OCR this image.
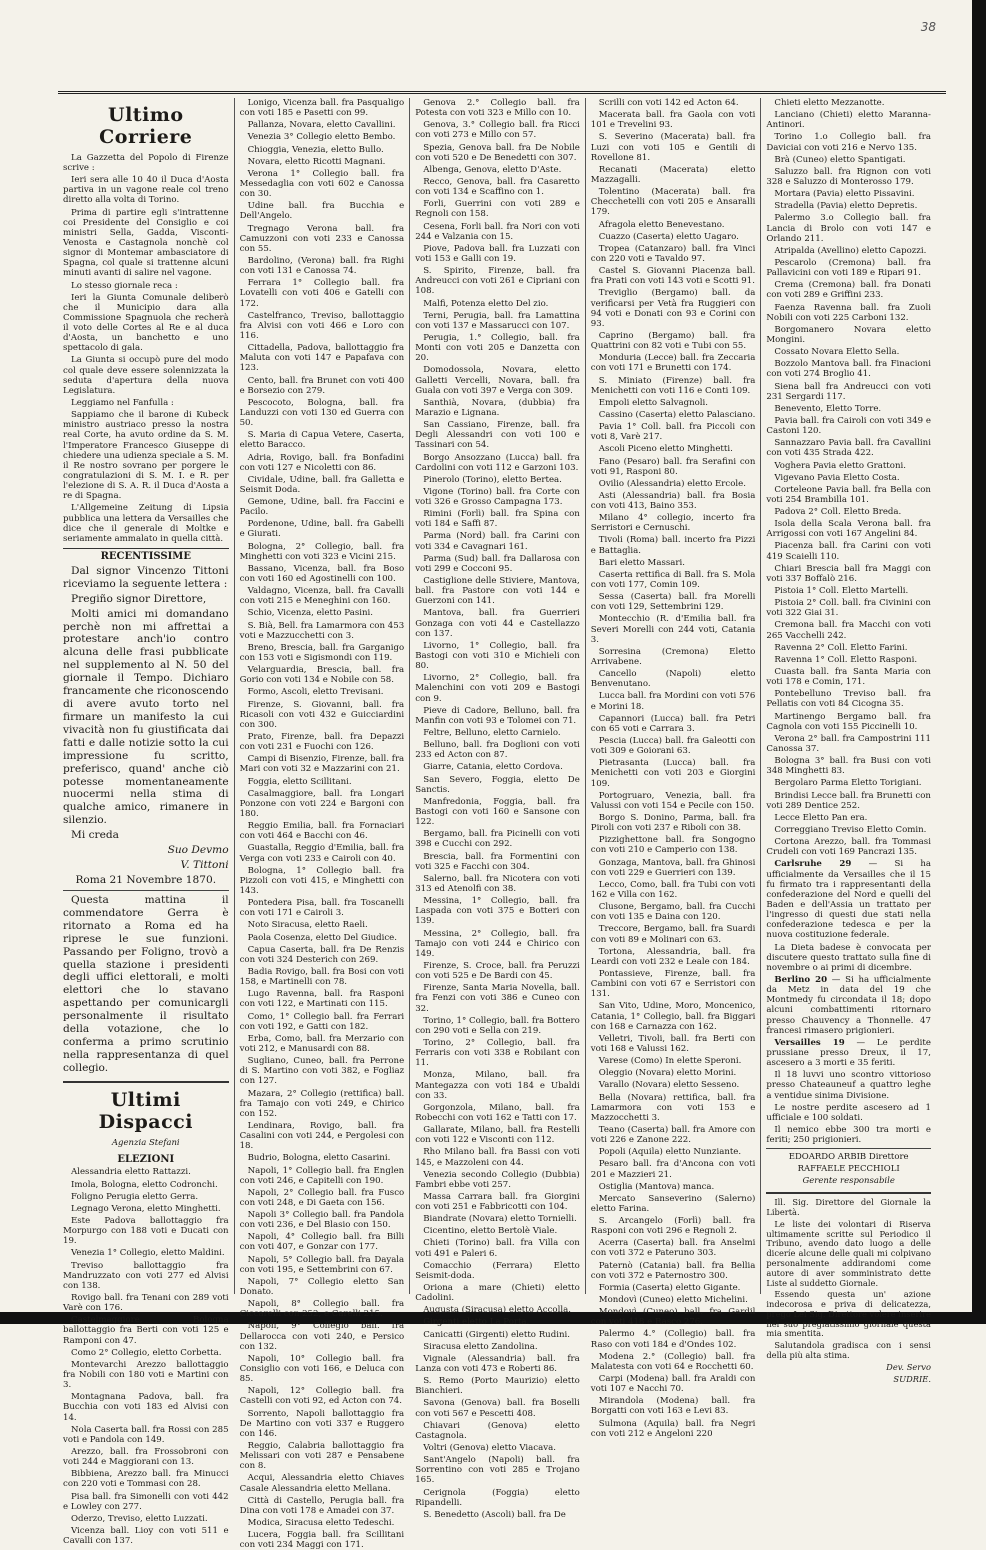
38
Ultimo Corriere

La Gazzetta del Popolo di Firenze scrive :

Ieri sera alle 10 40 il Duca d'Aosta partiva in un vagone reale col treno diretto alla volta di Torino.

Prima di partire egli s'intrattenne coi Presidente del Consiglio e coi ministri Sella, Gadda, Visconti-Venosta e Castagnola nonchè col signor di Montemar ambasciatore di Spagna, col quale si trattenne alcuni minuti avanti di salire nel vagone.

Lo stesso giornale reca :

Ieri la Giunta Comunale deliberò che il Municipio dara alla Commissione Spagnuola che recherà il voto delle Cortes al Re e al duca d'Aosta, un banchetto e uno spettacolo di gala.

La Giunta si occupò pure del modo col quale deve essere solennizzata la seduta d'apertura della nuova Legislatura.

Leggiamo nel Fanfulla :

Sappiamo che il barone di Kubeck ministro austriaco presso la nostra real Corte, ha avuto ordine da S. M. l'Imperatore Francesco Giuseppe di chiedere una udienza speciale a S. M. il Re nostro sovrano per porgere le congratulazioni di S. M. I. e R. per l'elezione di S. A. R. il Duca d'Aosta a re di Spagna.

L'Allgemeine Zeitung di Lipsia pubblica una lettera da Versailles che dice che il generale di Moltke e seriamente ammalato in quella città.

RECENTISSIME

Dal signor Vincenzo Tittoni riceviamo la seguente lettera :

Pregiño signor Direttore,

Molti amici mi domandano perchè non mi affrettai a protestare anch'io contro alcuna delle frasi pubblicate nel supplemento al N. 50 del giornale il Tempo. Dichiaro francamente che riconoscendo di avere avuto torto nel firmare un manifesto la cui vivacità non fu giustificata dai fatti e dalle notizie sotto la cui impressione fu scritto, preferisco, quand' anche ciò potesse momentaneamente nuocermi nella stima di qualche amico, rimanere in silenzio.

Mi creda

Suo Devmo

V. Tittoni

Roma 21 Novembre 1870.

Questa mattina il commendatore Gerra è ritornato a Roma ed ha riprese le sue funzioni. Passando per Foligno, trovò a quella stazione i presidenti degli uffici elettorali, e molti elettori che lo stavano aspettando per comunicargli personalmente il risultato della votazione, che lo conferma a primo scrutinio nella rappresentanza di quel collegio.

Ultimi Dispacci
Agenzia Stefani
ELEZIONI

Alessandria eletto Rattazzi.

Imola, Bologna, eletto Codronchi.

Foligno Perugia eletto Gerra.

Legnago Verona, eletto Minghetti.

Este Padova ballottaggio fra Morpurgo con 188 voti e Ducati con 19.

Venezia 1° Collegio, eletto Maldini.

Treviso ballottaggio fra Mandruzzato con voti 277 ed Alvisi con 138.

Rovigo ball. fra Tenani con 289 voti Varè con 176.

Castelmaggiore, Bologna ballottaggio fra Berti con voti 125 e Ramponi con 47.

Como 2° Collegio, eletto Corbetta.

Montevarchi Arezzo ballottaggio fra Nobili con 180 voti e Martini con 3.

Montagnana Padova, ball. fra Bucchia con voti 183 ed Alvisi con 14.

Nola Caserta ball. fra Rossi con 285 voti e Pandola con 149.

Arezzo, ball. fra Frossobroni con voti 244 e Maggiorani con 13.

Bibbiena, Arezzo ball. fra Minucci con 220 voti e Tommasi con 28.

Pisa ball. fra Simonelli con voti 442 e Lowley con 277.

Oderzo, Treviso, eletto Luzzati.

Vicenza ball. Lioy con voti 511 e Cavalli con 137.

Lonigo, Vicenza ball. fra Pasqualigo con voti 185 e Pasetti con 99.

Pallanza, Novara, eletto Cavallini.

Venezia 3° Collegio eletto Bembo.

Chioggia, Venezia, eletto Bullo.

Novara, eletto Ricotti Magnani.

Verona 1° Collegio ball. fra Messedaglia con voti 602 e Canossa con 30.

Udine ball. fra Bucchia e Dell'Angelo.

Tregnago Verona ball. fra Camuzzoni con voti 233 e Canossa con 55.

Bardolino, (Verona) ball. fra Righi con voti 131 e Canossa 74.

Ferrara 1° Collegio ball. fra Lovatelli con voti 406 e Gatelli con 172.

Castelfranco, Treviso, ballottaggio fra Alvisi con voti 466 e Loro con 116.

Cittadella, Padova, ballottaggio fra Maluta con voti 147 e Papafava con 123.

Cento, ball. fra Brunet con voti 400 e Borsezio con 279.

Pescocoto, Bologna, ball. fra Landuzzi con voti 130 ed Guerra con 50.

S. Maria di Capua Vetere, Caserta, eletto Baracco.

Adria, Rovigo, ball. fra Bonfadini con voti 127 e Nicoletti con 86.

Cividale, Udine, ball. fra Galletta e Seismit Doda.

Gemone, Udine, ball. fra Faccini e Pacilo.

Pordenone, Udine, ball. fra Gabelli e Giurati.

Bologna, 2° Collegio, ball. fra Minghetti con voti 323 e Vicini 215.

Bassano, Vicenza, ball. fra Boso con voti 160 ed Agostinelli con 100.

Valdagno, Vicenza, ball. fra Cavalli con voti 215 e Meneghini con 160.

Schio, Vicenza, eletto Pasini.

S. Bià, Bell. fra Lamarmora con 453 voti e Mazzucchetti con 3.

Breno, Brescia, ball. fra Garganigo con 153 voti e Sigismondi con 119.

Velarguardia, Brescia, ball. fra Gorio con voti 134 e Nobile con 58.

Formo, Ascoli, eletto Trevisani.

Firenze, S. Giovanni, ball. fra Ricasoli con voti 432 e Guicciardini con 300.

Prato, Firenze, ball. fra Depazzi con voti 231 e Fuochi con 126.

Campi di Bisenzio, Firenze, ball. fra Mari con voti 32 e Mazzarini con 21.

Foggia, eletto Scillitani.

Casalmaggiore, ball. fra Longari Ponzone con voti 224 e Bargoni con 180.

Reggio Emilia, ball. fra Fornaciari con voti 464 e Bacchi con 46.

Guastalla, Reggio d'Emilia, ball. fra Verga con voti 233 e Cairoli con 40.

Bologna, 1° Collegio ball. fra Pizzoli con voti 415, e Minghetti con 143.

Pontedera Pisa, ball. fra Toscanelli con voti 171 e Cairoli 3.

Noto Siracusa, eletto Raeli.

Paola Cosenza, eletto Del Giudice.

Capua Caserta, ball. fra De Renzis con voti 324 Desterich con 269.

Badia Rovigo, ball. fra Bosi con voti 158, e Martinelli con 78.

Lugo Ravenna, ball. fra Rasponi con voti 122, e Martinati con 115.

Como, 1° Collegio ball. fra Ferrari con voti 192, e Gatti con 182.

Erba, Como, ball. fra Merzario con voti 212, e Manusardi con 88.

Sugliano, Cuneo, ball. fra Perrone di S. Martino con voti 382, e Fogliaz con 127.

Mazara, 2° Collegio (rettifica) ball. fra Tamajo con voti 249, e Chirico con 152.

Lendinara, Rovigo, ball. fra Casalini con voti 244, e Pergolesi con 18.

Budrio, Bologna, eletto Casarini.

Napoli, 1° Collegio ball. fra Englen con voti 246, e Capitelli con 190.

Napoli, 2° Collegio ball. fra Fusco con voti 248, e Di Gaeta con 156.

Napoli 3° Collegio ball. fra Pandola con voti 236, e Del Blasio con 150.

Napoli, 4° Collegio ball. fra Billi con voti 407, e Gonzar con 177.

Napoli, 5° Collegio ball. fra Dayala con voti 195, e Settembrini con 67.

Napoli, 7° Collegio eletto San Donato.

Napoli, 8° Collegio ball. fra Ciccarelli con 252, e Carelli 215.

Napoli, 9° Collegio ball. fra Dellarocca con voti 240, e Persico con 132.

Napoli, 10° Collegio ball. fra Consiglio con voti 166, e Deluca con 85.

Napoli, 12° Collegio ball. fra Castelli con voti 92, ed Acton con 74.

Sorrento, Napoli ballottaggio fra De Martino con voti 337 e Ruggero con 146.

Reggio, Calabria ballottaggio fra Melissari con voti 287 e Pensabene con 8.

Acqui, Alessandria eletto Chiaves Casale Alessandria eletto Mellana.

Città di Castello, Perugia ball. fra Dina con voti 178 e Amadei con 37.

Modica, Siracusa eletto Tedeschi.

Lucera, Foggia ball. fra Scillitani con voti 234 Maggi con 171.

Genova 2.° Collegio ball. fra Potesta con voti 323 e Millo con 10.

Genova, 3.° Collegio ball. fra Ricci con voti 273 e Millo con 57.

Spezia, Genova ball. fra De Nobile con voti 520 e De Benedetti con 307.

Albenga, Genova, eletto D'Aste.

Recco, Genova, ball. fra Casaretto con voti 134 e Scaffino con 1.

Forli, Guerrini con voti 289 e Regnoli con 158.

Cesena, Forli ball. fra Nori con voti 244 e Valzania con 15.

Piove, Padova ball. fra Luzzati con voti 153 e Galli con 19.

S. Spirito, Firenze, ball. fra Andreucci con voti 261 e Cipriani con 108.

Malfi, Potenza eletto Del zio.

Terni, Perugia, ball. fra Lamattina con voti 137 e Massarucci con 107.

Perugia, 1.° Collegio, ball. fra Monti con voti 205 e Danzetta con 20.

Domodossola, Novara, eletto Galletti Vercelli, Novara, ball. fra Guala con voti 397 e Verga con 309.

Santhià, Novara, (dubbia) fra Marazio e Lignana.

San Cassiano, Firenze, ball. fra Degli Alessandri con voti 100 e Tassinari con 54.

Borgo Ansozzano (Lucca) ball. fra Cardolini con voti 112 e Garzoni 103.

Pinerolo (Torino), eletto Bertea.

Vigone (Torino) ball. fra Corte con voti 326 e Grosso Campagna 173.

Rimini (Forlì) ball. fra Spina con voti 184 e Saffi 87.

Parma (Nord) ball. fra Carini con voti 334 e Cavagnari 161.

Parma (Sud) ball. fra Dallarosa con voti 299 e Cocconi 95.

Castiglione delle Stiviere, Mantova, ball. fra Pastore con voti 144 e Guerzoni con 141.

Mantova, ball. fra Guerrieri Gonzaga con voti 44 e Castellazzo con 137.

Livorno, 1° Collegio, ball. fra Bastogi con voti 310 e Michieli con 80.

Livorno, 2° Collegio, ball. fra Malenchini con voti 209 e Bastogi con 9.

Pieve di Cadore, Belluno, ball. fra Manfin con voti 93 e Tolomei con 71.

Feltre, Belluno, eletto Carnielo.

Belluno, ball. fra Doglioni con voti 233 ed Acton con 87.

Giarre, Catania, eletto Cordova.

San Severo, Foggia, eletto De Sanctis.

Manfredonia, Foggia, ball. fra Bastogi con voti 160 e Sansone con 122.

Bergamo, ball. fra Picinelli con voti 398 e Cucchi con 292.

Brescia, ball. fra Formentini con voti 325 e Facchi con 304.

Salerno, ball. fra Nicotera con voti 313 ed Atenolfi con 38.

Messina, 1° Collegio, ball. fra Laspada con voti 375 e Botteri con 139.

Messina, 2° Collegio, ball. fra Tamajo con voti 244 e Chirico con 149.

Firenze, S. Croce, ball. fra Peruzzi con voti 525 e De Bardi con 45.

Firenze, Santa Maria Novella, ball. fra Fenzi con voti 386 e Cuneo con 32.

Torino, 1° Collegio, ball. fra Bottero con 290 voti e Sella con 219.

Torino, 2° Collegio, ball. fra Ferraris con voti 338 e Robilant con 11.

Monza, Milano, ball. fra Mantegazza con voti 184 e Ubaldi con 33.

Gorgonzola, Milano, ball. fra Robecchi con voti 162 e Tatti con 17.

Gallarate, Milano, ball. fra Restelli con voti 122 e Visconti con 112.

Rho Milano ball. fra Bassi con voti 145, e Mazzoleni con 44.

Venezia secondo Collegio (Dubbia) Fambri ebbe voti 257.

Massa Carrara ball. fra Giorgini con voti 251 e Fabbricotti con 104.

Biandrate (Novara) eletto Tornielli.

Cicentino, eletto Bertolè Viale.

Chieti (Torino) ball. fra Villa con voti 491 e Paleri 6.

Comacchio (Ferrara) Eletto Seismit-doda.

Oriona a mare (Chieti) eletto Cadolini.

Augusta (Siracusa) eletto Accolla.

Girgenti eletto La Porta.

Canicatti (Girgenti) eletto Rudini.

Siracusa eletto Zandolina.

Vignale (Alessandria) ball. fra Lanza con voti 473 e Roberti 86.

S. Remo (Porto Maurizio) eletto Bianchieri.

Savona (Genova) ball. fra Boselli con voti 567 e Pescetti 408.

Chiavari (Genova) eletto Castagnola.

Voltri (Genova) eletto Viacava.

Sant'Angelo (Napoli) ball. fra Sorrentino con voti 285 e Trojano 165.

Cerignola (Foggia) eletto Ripandelli.

S. Benedetto (Ascoli) ball. fra De

Scrilli con voti 142 ed Acton 64.

Macerata ball. fra Gaola con voti 101 e Trevelini 93.

S. Severino (Macerata) ball. fra Luzi con voti 105 e Gentili di Rovellone 81.

Recanati (Macerata) eletto Mazzagalli.

Tolentino (Macerata) ball. fra Checchetelli con voti 205 e Ansaralli 179.

Afragola eletto Benevestano.

Cuazzo (Caserta) eletto Uagaro.

Tropea (Catanzaro) ball. fra Vinci con 220 voti e Tavaldo 97.

Castel S. Giovanni Piacenza ball. fra Prati con voti 143 voti e Scotti 91.

Treviglio (Bergamo) ball. da verificarsi per Vetà fra Ruggieri con 94 voti e Donati con 93 e Corini con 93.

Caprino (Bergamo) ball. fra Quattrini con 82 voti e Tubi con 55.

Monduria (Lecce) ball. fra Zeccaria con voti 171 e Brunetti con 174.

S. Miniato (Firenze) ball. fra Menichetti con voti 116 e Conti 109.

Empoli eletto Salvagnoli.

Cassino (Caserta) eletto Palasciano.

Pavia 1° Coll. ball. fra Piccoli con voti 8, Varè 217.

Ascoli Piceno eletto Minghetti.

Fano (Pesaro) ball. fra Serafini con voti 91, Rasponi 80.

Ovilio (Alessandria) eletto Ercole.

Asti (Alessandria) ball. fra Bosia con voti 413, Baino 353.

Milano 4° collegio, incerto fra Serristori e Cernuschi.

Tivoli (Roma) ball. incerto fra Pizzi e Battaglia.

Bari eletto Massari.

Caserta rettifica di Ball. fra S. Mola con voti 177, Comin 109.

Sessa (Caserta) ball. fra Morelli con voti 129, Settembrini 129.

Montecchio (R. d'Emilia ball. fra Severi Morelli con 244 voti, Catania 3.

Sorresina (Cremona) Eletto Arrivabene.

Cancello (Napoli) eletto Benvenutano.

Lucca ball. fra Mordini con voti 576 e Morini 18.

Capannori (Lucca) ball. fra Petri con 65 voti e Carrara 3.

Pescia (Lucca) ball. fra Galeotti con voti 309 e Goiorani 63.

Pietrasanta (Lucca) ball. fra Menichetti con voti 203 e Giorgini 109.

Portogruaro, Venezia, ball. fra Valussi con voti 154 e Pecile con 150.

Borgo S. Donino, Parma, ball. fra Piroli con voti 237 e Riboli con 38.

Pizzighettone ball. fra Songogno con voti 210 e Camperio con 138.

Gonzaga, Mantova, ball. fra Ghinosi con voti 229 e Guerrieri con 139.

Lecco, Como, ball. fra Tubi con voti 162 e Villa con 162.

Clusone, Bergamo, ball. fra Cucchi con voti 135 e Daina con 120.

Treccore, Bergamo, ball. fra Suardi con voti 89 e Molinari con 63.

Tortona, Alessandria, ball. fra Leardi con voti 232 e Leale con 184.

Pontassieve, Firenze, ball. fra Cambini con voti 67 e Serristori con 131.

San Vito, Udine, Moro, Moncenico, Catania, 1° Collegio, ball. fra Biggari con 168 e Carnazza con 162.

Velletri, Tivoli, ball. fra Berti con voti 168 e Valussi 162.

Varese (Como) In elette Speroni.

Oleggio (Novara) eletto Morini.

Varallo (Novara) eletto Sesseno.

Bella (Novara) rettifica, ball. fra Lamarmora con voti 153 e Mazzocchetti 3.

Teano (Caserta) ball. fra Amore con voti 226 e Zanone 222.

Popoli (Aquila) eletto Nunziante.

Pesaro ball. fra d'Ancona con voti 201 e Mazzieri 21.

Ostiglia (Mantova) manca.

Mercato Sanseverino (Salerno) eletto Farina.

S. Arcangelo (Forlì) ball. fra Rasponi con voti 296 e Regnoli 2.

Acerra (Caserta) ball. fra Anselmi con voti 372 e Pateruno 303.

Paternò (Catania) ball. fra Bellia con voti 372 e Paternostro 300.

Formia (Caserta) eletto Gigante.

Mondovì (Cuneo) eletto Michelini.

Mondovì (Cuneo) ball. fra Gardil con voti 418 e Rasco 276.

Palermo 4.° (Collegio) ball. fra Raso con voti 184 e d'Ondes 102.

Modena 2.° (Collegio) ball. fra Malatesta con voti 64 e Rocchetti 60.

Carpi (Modena) ball. fra Araldi con voti 107 e Nacchi 70.

Mirandola (Modena) ball. fra Borgatti con voti 163 e Levi 83.

Sulmona (Aquila) ball. fra Negri con voti 212 e Angeloni 220

Chieti eletto Mezzanotte.

Lanciano (Chieti) eletto Maranna-Antinori.

Torino 1.o Collegio ball. fra Daviciai con voti 216 e Nervo 135.

Brà (Cuneo) eletto Spantigati.

Saluzzo ball. fra Rignon con voti 328 e Saluzzo di Monterosso 179.

Mortara (Pavia) eletto Pissavini.

Stradella (Pavia) eletto Depretis.

Palermo 3.o Collegio ball. fra Lancia di Brolo con voti 147 e Orlando 211.

Atripalda (Avellino) eletto Capozzi.

Pescarolo (Cremona) ball. fra Pallavicini con voti 189 e Ripari 91.

Crema (Cremona) ball. fra Donati con voti 289 e Griffini 233.

Faenza Ravenna ball. fra Zuoli Nobili con voti 225 Carboni 132.

Borgomanero Novara eletto Mongini.

Cossato Novara Eletto Sella.

Bozzolo Mantova ball. fra Finacioni con voti 274 Broglio 41.

Siena ball fra Andreucci con voti 231 Sergardi 117.

Benevento, Eletto Torre.

Pavia ball. fra Cairoli con voti 349 e Castoni 120.

Sannazzaro Pavia ball. fra Cavallini con voti 435 Strada 422.

Voghera Pavia eletto Grattoni.

Vigevano Pavia Eletto Costa.

Corteleone Pavia ball. fra Bella con voti 254 Brambilla 101.

Padova 2° Coll. Eletto Breda.

Isola della Scala Verona ball. fra Arrigossi con voti 167 Angelini 84.

Piacenza ball. fra Carini con voti 419 Scaielli 110.

Chiari Brescia ball fra Maggi con voti 337 Boffalò 216.

Pistoia 1° Coll. Eletto Martelli.

Pistoia 2° Coll. ball. fra Civinini con voti 322 Giai 31.

Cremona ball. fra Macchi con voti 265 Vacchelli 242.

Ravenna 2° Coll. Eletto Farini.

Ravenna 1° Coll. Eletto Rasponi.

Cuasta ball. fra Santa Maria con voti 178 e Comin, 171.

Pontebelluno Treviso ball. fra Pellatis con voti 84 Cicogna 35.

Martinengo Bergamo ball. fra Cagnola con voti 155 Piccinelli 10.

Verona 2° ball. fra Campostrini 111 Canossa 37.

Bologna 3° ball. fra Busi con voti 348 Minghetti 83.

Bergolaro Parma Eletto Torigiani.

Brindisi Lecce ball. fra Brunetti con voti 289 Dentice 252.

Lecce Eletto Pan era.

Correggiano Treviso Eletto Comin.

Cortona Arezzo, ball. fra Tommasi Crudeli con voti 169 Pancrazi 135.

Carlsruhe 29 — Si ha ufficialmente da Versailles che il 15 fu firmato tra i rappresentanti della confederazione del Nord e quelli del Baden e dell'Assia un trattato per l'ingresso di questi due stati nella confederazione tedesca e per la nuova costituzione federale.

La Dieta badese è convocata per discutere questo trattato sulla fine di novembre o ai primi di dicembre.

Berlino 20 — Si ha ufficialmente da Metz in data del 19 che Montmedy fu circondata il 18; dopo alcuni combattimenti ritornaro presso Chauvency a Thonnelle. 47 francesi rimasero prigionieri.

Versailles 19 — Le perdite prussiane presso Dreux, il 17, ascesero a 3 morti e 35 feriti.

Il 18 luvvi uno scontro vittorioso presso Chateauneuf a quattro leghe a ventidue sinima Divisione.

Le nostre perdite ascesero ad 1 ufficiale e 100 soldati.

Il nemico ebbe 300 tra morti e feriti; 250 prigionieri.

EDOARDO ARBIB Direttore

RAFFAELE PECCHIOLI

Gerente responsabile

Ill. Sig. Direttore del Giornale la Libertà.

Le liste dei volontari di Riserva ultimamente scritte sul Periodico il Tribuno, avendo dato luogo a delle diceríe alcune delle quali mi colpivano personalmente addirandomi come autore di aver somministrato dette Liste al suddetto Giornale.

Essendo questa un' azione indecorosa e priva di delicatezza, prego Lei Sig. Direttore volere inserire nel suo pregiatissimo giornale questa mia smentita.

Salutandola gradisca con i sensi della più alta stima.

Dev. Servo

SUDRIE.
